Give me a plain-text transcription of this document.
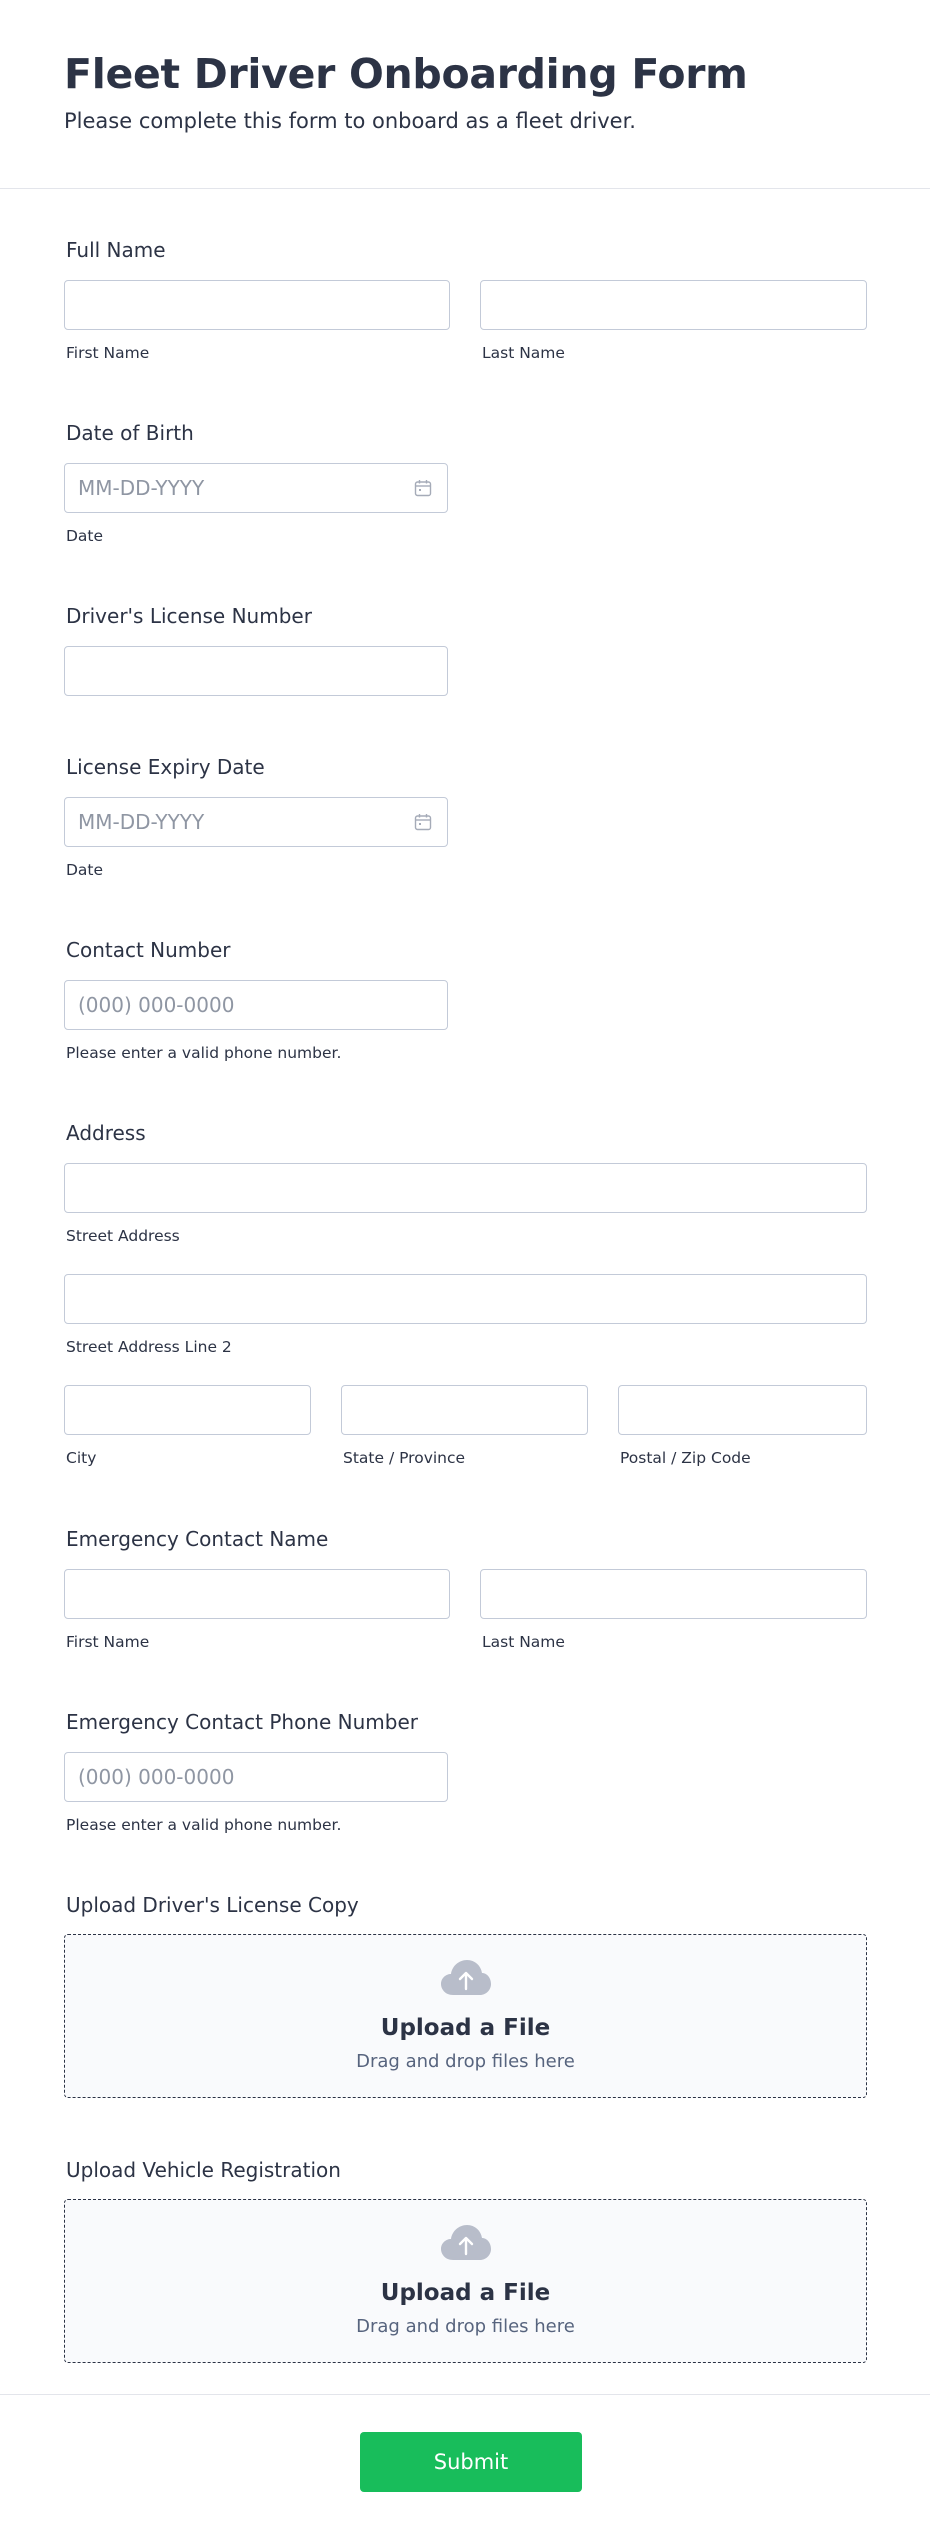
Fleet Driver Onboarding Form
Please complete this form to onboard as a fleet driver.
Full Name
First Name	Last Name
Date of Birth
MM-DD-YYYY
Date
Driver's License Number
License Expiry Date
MM-DD-YYYY
Date
Contact Number
(000) 000-0000
Please enter a valid phone number.
Address
Street Address
Street Address Line 2
City	State / Province	Postal / Zip Code
Emergency Contact Name
First Name	Last Name
Emergency Contact Phone Number
(000) 000-0000
Please enter a valid phone number.
Upload Driver's License Copy
Upload a File
Drag and drop files here
Upload Vehicle Registration
Upload a File
Drag and drop files here
Submit
